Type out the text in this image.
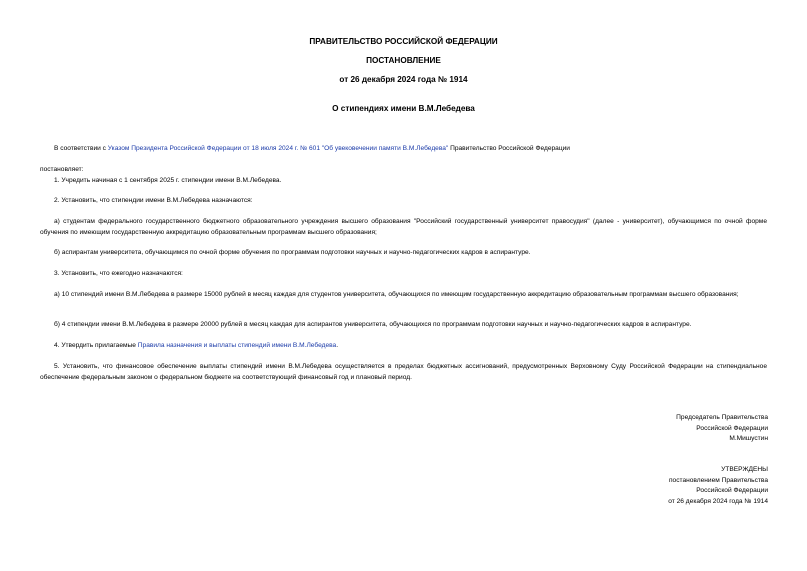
ПРАВИТЕЛЬСТВО РОССИЙСКОЙ ФЕДЕРАЦИИ
ПОСТАНОВЛЕНИЕ
от 26 декабря 2024 года № 1914
О стипендиях имени В.М.Лебедева

В соответствии с Указом Президента Российской Федерации от 18 июля 2024 г. № 601 "Об увековечении памяти В.М.Лебедева" Правительство Российской Федерации

постановляет:

1. Учредить начиная с 1 сентября 2025 г. стипендии имени В.М.Лебедева.

2. Установить, что стипендии имени В.М.Лебедева назначаются:

а) студентам федерального государственного бюджетного образовательного учреждения высшего образования "Российский государственный университет правосудия" (далее - университет), обучающимся по очной форме обучения по имеющим государственную аккредитацию образовательным программам высшего образования;

б) аспирантам университета, обучающимся по очной форме обучения по программам подготовки научных и научно-педагогических кадров в аспирантуре.

3. Установить, что ежегодно назначаются:

а) 10 стипендий имени В.М.Лебедева в размере 15000 рублей в месяц каждая для студентов университета, обучающихся по имеющим государственную аккредитацию образовательным программам высшего образования;

б) 4 стипендии имени В.М.Лебедева в размере 20000 рублей в месяц каждая для аспирантов университета, обучающихся по программам подготовки научных и научно-педагогических кадров в аспирантуре.

4. Утвердить прилагаемые Правила назначения и выплаты стипендий имени В.М.Лебедева.

5. Установить, что финансовое обеспечение выплаты стипендий имени В.М.Лебедева осуществляется в пределах бюджетных ассигнований, предусмотренных Верховному Суду Российской Федерации на стипендиальное обеспечение федеральным законом о федеральном бюджете на соответствующий финансовый год и плановый период.

Председатель Правительства
Российской Федерации
М.Мишустин
УТВЕРЖДЕНЫ
постановлением Правительства
Российской Федерации
от 26 декабря 2024 года № 1914
